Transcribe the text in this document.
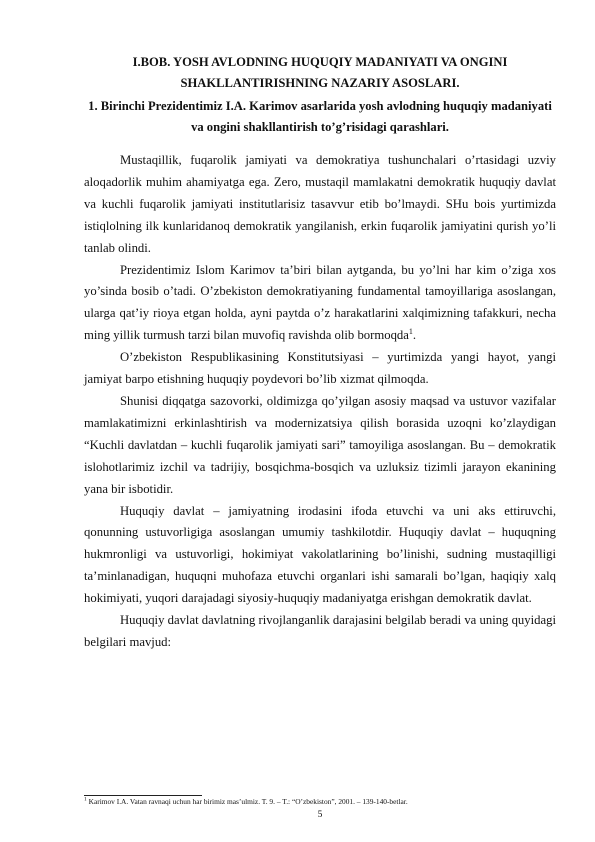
I.BOB. YOSH AVLODNING HUQUQIY MADANIYATI VA ONGINI SHAKLLANTIRISHNING NAZARIY ASOSLARI.
1. Birinchi Prezidentimiz I.A. Karimov asarlarida yosh avlodning huquqiy madaniyati va ongini shakllantirish to’g’risidagi qarashlari.

Mustaqillik, fuqarolik jamiyati va demokratiya tushunchalari o’rtasidagi uzviy aloqadorlik muhim ahamiyatga ega. Zero, mustaqil mamlakatni demokratik huquqiy davlat va kuchli fuqarolik jamiyati institutlarisiz tasavvur etib bo’lmaydi. SHu bois yurtimizda istiqlolning ilk kunlaridanoq demokratik yangilanish, erkin fuqarolik jamiyatini qurish yo’li tanlab olindi.

Prezidentimiz Islom Karimov ta’biri bilan aytganda, bu yo’lni har kim o’ziga xos yo’sinda bosib o’tadi. O’zbekiston demokratiyaning fundamental tamoyillariga asoslangan, ularga qat’iy rioya etgan holda, ayni paytda o’z harakatlarini xalqimizning tafakkuri, necha ming yillik turmush tarzi bilan muvofiq ravishda olib bormoqda$^1$.

O’zbekiston Respublikasining Konstitutsiyasi – yurtimizda yangi hayot, yangi jamiyat barpo etishning huquqiy poydevori bo’lib xizmat qilmoqda.

Shunisi diqqatga sazovorki, oldimizga qo’yilgan asosiy maqsad va ustuvor vazifalar mamlakatimizni erkinlashtirish va modernizatsiya qilish borasida uzoqni ko’zlaydigan “Kuchli davlatdan – kuchli fuqarolik jamiyati sari” tamoyiliga asoslangan. Bu – demokratik islohotlarimiz izchil va tadrijiy, bosqichma-bosqich va uzluksiz tizimli jarayon ekanining yana bir isbotidir.

Huquqiy davlat – jamiyatning irodasini ifoda etuvchi va uni aks ettiruvchi, qonunning ustuvorligiga asoslangan umumiy tashkilotdir. Huquqiy davlat – huquqning hukmronligi va ustuvorligi, hokimiyat vakolatlarining bo’linishi, sudning mustaqilligi ta’minlanadigan, huquqni muhofaza etuvchi organlari ishi samarali bo’lgan, haqiqiy xalq hokimiyati, yuqori darajadagi siyosiy-huquqiy madaniyatga erishgan demokratik davlat.

Huquqiy davlat davlatning rivojlanganlik darajasini belgilab beradi va uning quyidagi belgilari mavjud:

$^1$ Karimov I.A. Vatan ravnaqi uchun har birimiz mas’ulmiz. T. 9. – T.: “O’zbekiston”, 2001. – 139-140-betlar.
5
